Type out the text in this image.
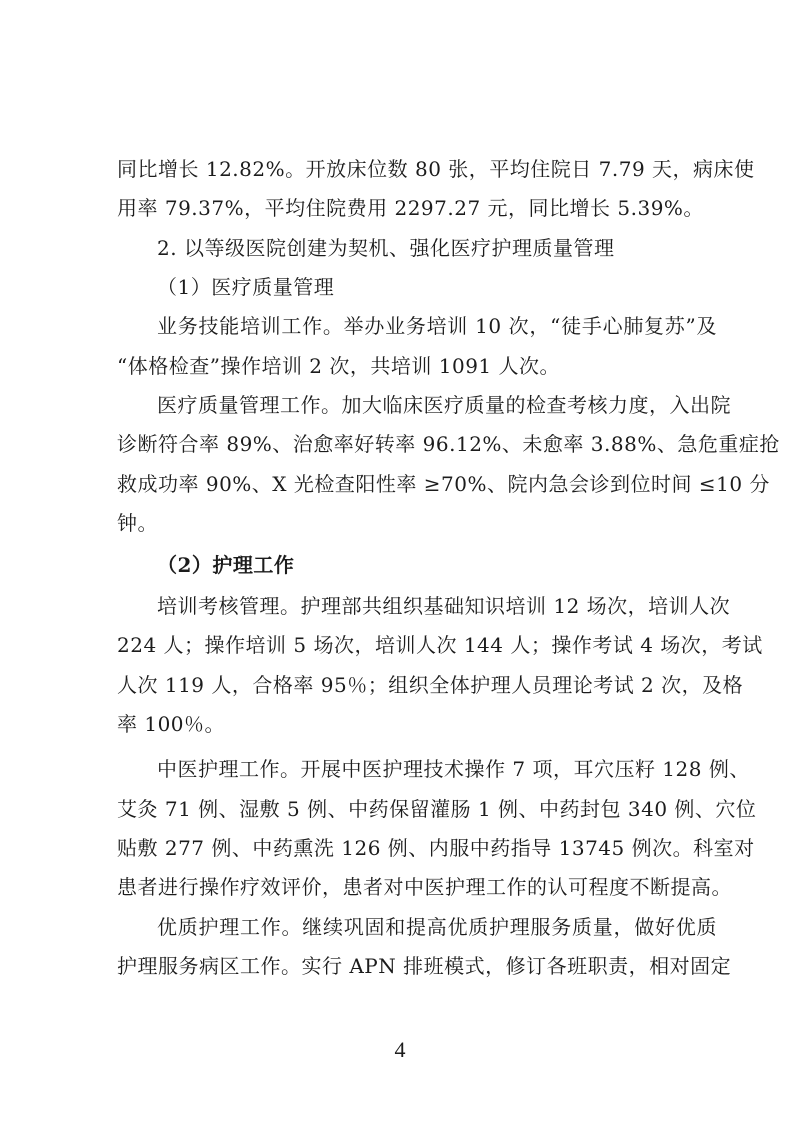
同比增长 12.82%。开放床位数 80 张，平均住院日 7.79 天，病床使
用率 79.37%，平均住院费用 2297.27 元，同比增长 5.39%。
2. 以等级医院创建为契机、强化医疗护理质量管理
（1）医疗质量管理
业务技能培训工作。举办业务培训 10 次，“徒手心肺复苏”及
“体格检查”操作培训 2 次，共培训 1091 人次。
医疗质量管理工作。加大临床医疗质量的检查考核力度，入出院
诊断符合率 89%、治愈率好转率 96.12%、未愈率 3.88%、急危重症抢
救成功率 90%、X 光检查阳性率 ≥70%、院内急会诊到位时间 ≤10 分
钟。
（2）护理工作
培训考核管理。护理部共组织基础知识培训 12 场次，培训人次
224 人；操作培训 5 场次，培训人次 144 人；操作考试 4 场次，考试
人次 119 人，合格率 95％；组织全体护理人员理论考试 2 次，及格
率 100％。
中医护理工作。开展中医护理技术操作 7 项，耳穴压籽 128 例、
艾灸 71 例、湿敷 5 例、中药保留灌肠 1 例、中药封包 340 例、穴位
贴敷 277 例、中药熏洗 126 例、内服中药指导 13745 例次。科室对
患者进行操作疗效评价，患者对中医护理工作的认可程度不断提高。
优质护理工作。继续巩固和提高优质护理服务质量，做好优质
护理服务病区工作。实行 APN 排班模式，修订各班职责，相对固定
4
